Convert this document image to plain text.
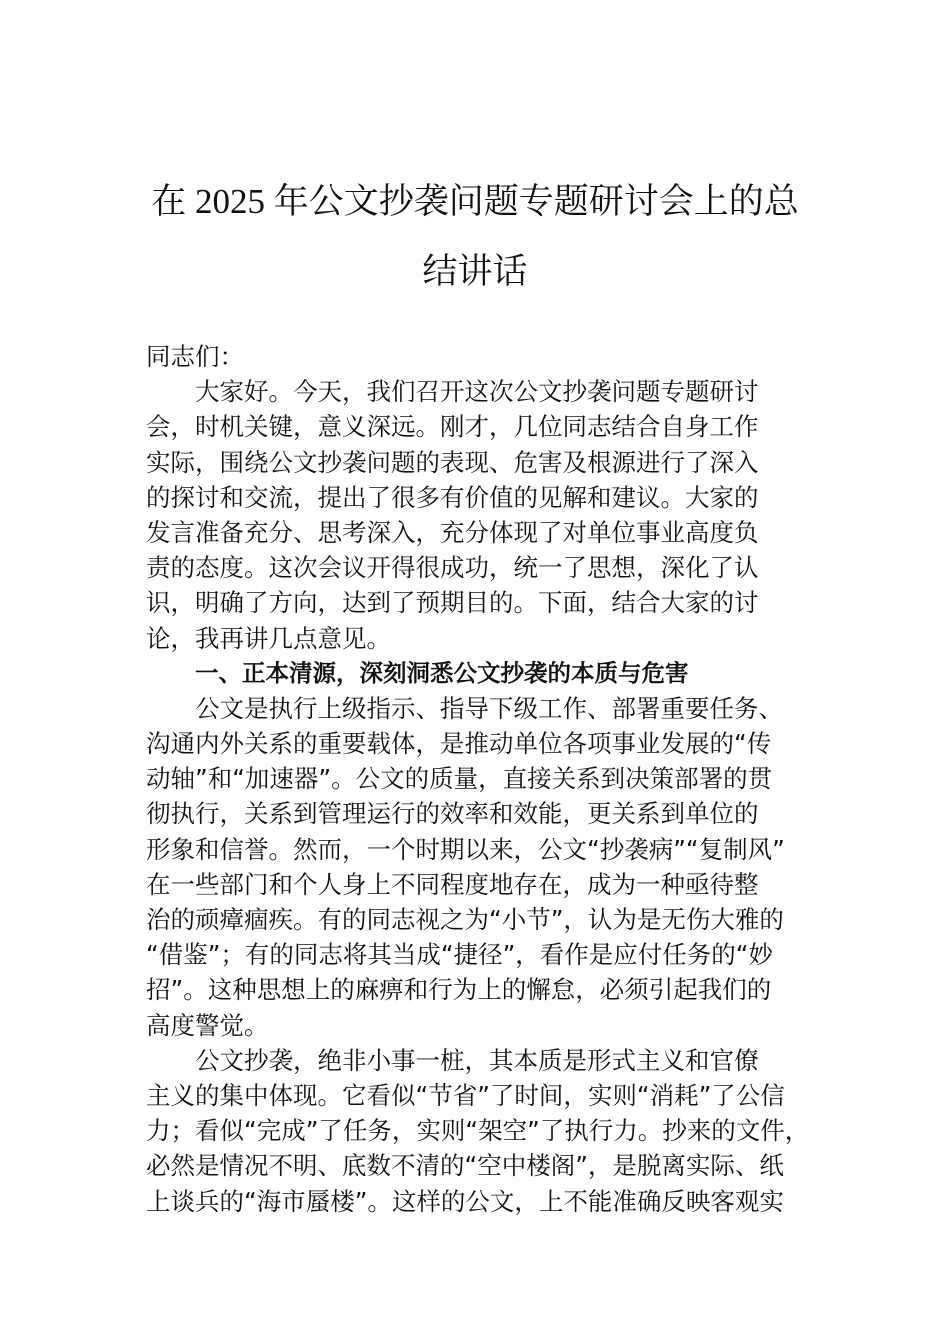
在 2025 年公文抄袭问题专题研讨会上的总
结讲话
同志们：
大家好。今天，我们召开这次公文抄袭问题专题研讨
会，时机关键，意义深远。刚才，几位同志结合自身工作
实际，围绕公文抄袭问题的表现、危害及根源进行了深入
的探讨和交流，提出了很多有价值的见解和建议。大家的
发言准备充分、思考深入，充分体现了对单位事业高度负
责的态度。这次会议开得很成功，统一了思想，深化了认
识，明确了方向，达到了预期目的。下面，结合大家的讨
论，我再讲几点意见。
一、正本清源，深刻洞悉公文抄袭的本质与危害
公文是执行上级指示、指导下级工作、部署重要任务、
沟通内外关系的重要载体，是推动单位各项事业发展的“传
动轴”和“加速器”。公文的质量，直接关系到决策部署的贯
彻执行，关系到管理运行的效率和效能，更关系到单位的
形象和信誉。然而，一个时期以来，公文“抄袭病”“复制风”
在一些部门和个人身上不同程度地存在，成为一种亟待整
治的顽瘴痼疾。有的同志视之为“小节”，认为是无伤大雅的
“借鉴”；有的同志将其当成“捷径”，看作是应付任务的“妙
招”。这种思想上的麻痹和行为上的懈怠，必须引起我们的
高度警觉。
公文抄袭，绝非小事一桩，其本质是形式主义和官僚
主义的集中体现。它看似“节省”了时间，实则“消耗”了公信
力；看似“完成”了任务，实则“架空”了执行力。抄来的文件，
必然是情况不明、底数不清的“空中楼阁”，是脱离实际、纸
上谈兵的“海市蜃楼”。这样的公文，上不能准确反映客观实
